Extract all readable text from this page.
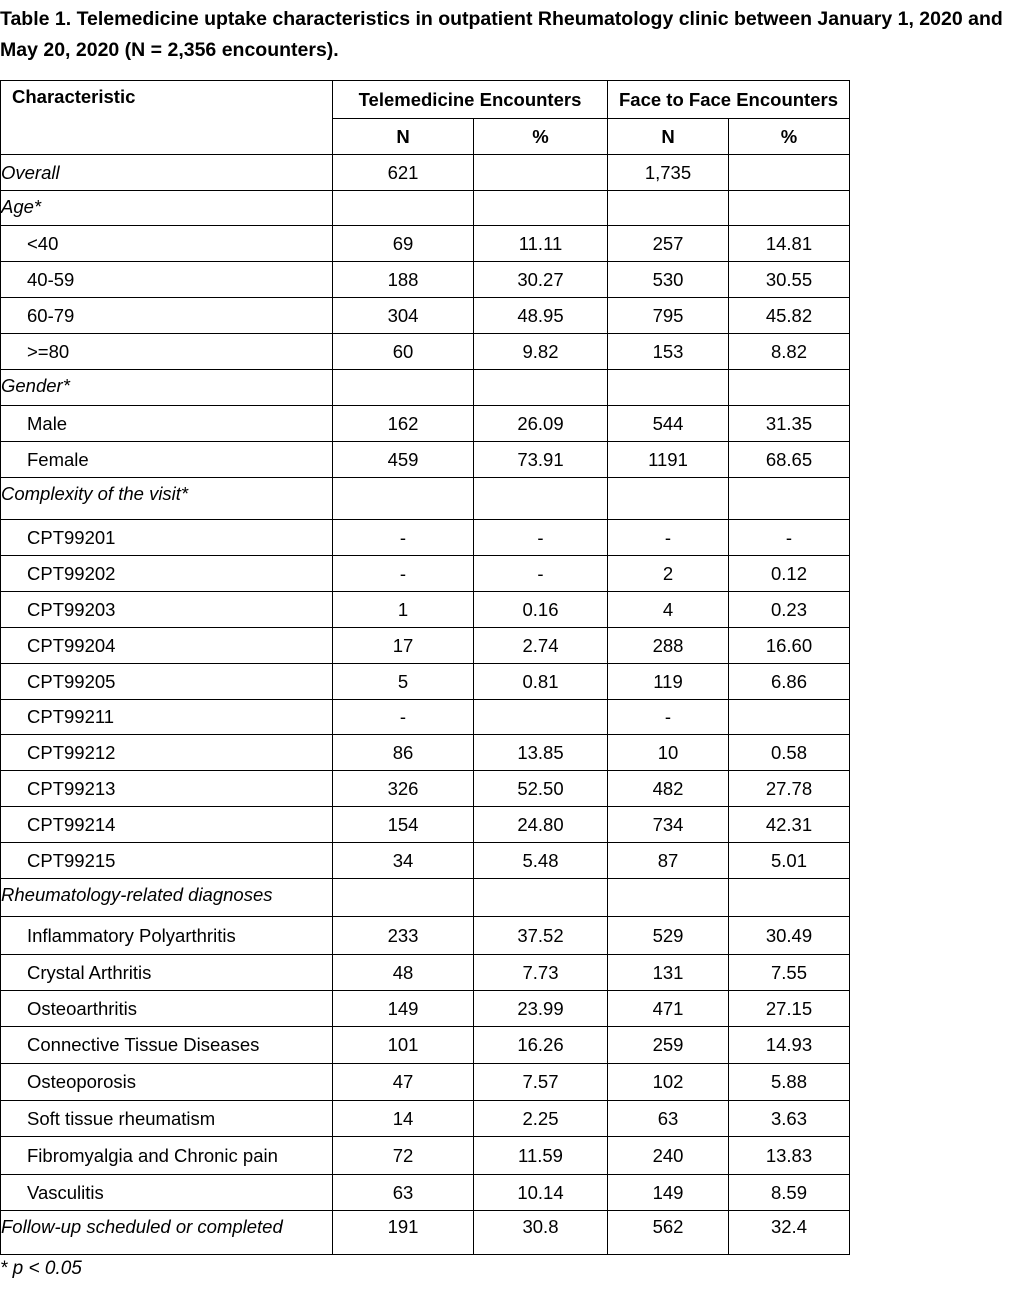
Table 1. Telemedicine uptake characteristics in outpatient Rheumatology clinic between January 1, 2020 and May 20, 2020 (N = 2,356 encounters).
Characteristic	Telemedicine Encounters		Face to Face Encounters	
	N	%	N	%
Overall	621		1,735	
Age*				
<40	69	11.11	257	14.81
40-59	188	30.27	530	30.55
60-79	304	48.95	795	45.82
>=80	60	9.82	153	8.82
Gender*				
Male	162	26.09	544	31.35
Female	459	73.91	1191	68.65
Complexity of the visit*				
CPT99201	-	-	-	-
CPT99202	-	-	2	0.12
CPT99203	1	0.16	4	0.23
CPT99204	17	2.74	288	16.60
CPT99205	5	0.81	119	6.86
CPT99211	-		-	
CPT99212	86	13.85	10	0.58
CPT99213	326	52.50	482	27.78
CPT99214	154	24.80	734	42.31
CPT99215	34	5.48	87	5.01
Rheumatology-related diagnoses				
Inflammatory Polyarthritis	233	37.52	529	30.49
Crystal Arthritis	48	7.73	131	7.55
Osteoarthritis	149	23.99	471	27.15
Connective Tissue Diseases	101	16.26	259	14.93
Osteoporosis	47	7.57	102	5.88
Soft tissue rheumatism	14	2.25	63	3.63
Fibromyalgia and Chronic pain	72	11.59	240	13.83
Vasculitis	63	10.14	149	8.59
Follow-up scheduled or completed	191	30.8	562	32.4
* p < 0.05
